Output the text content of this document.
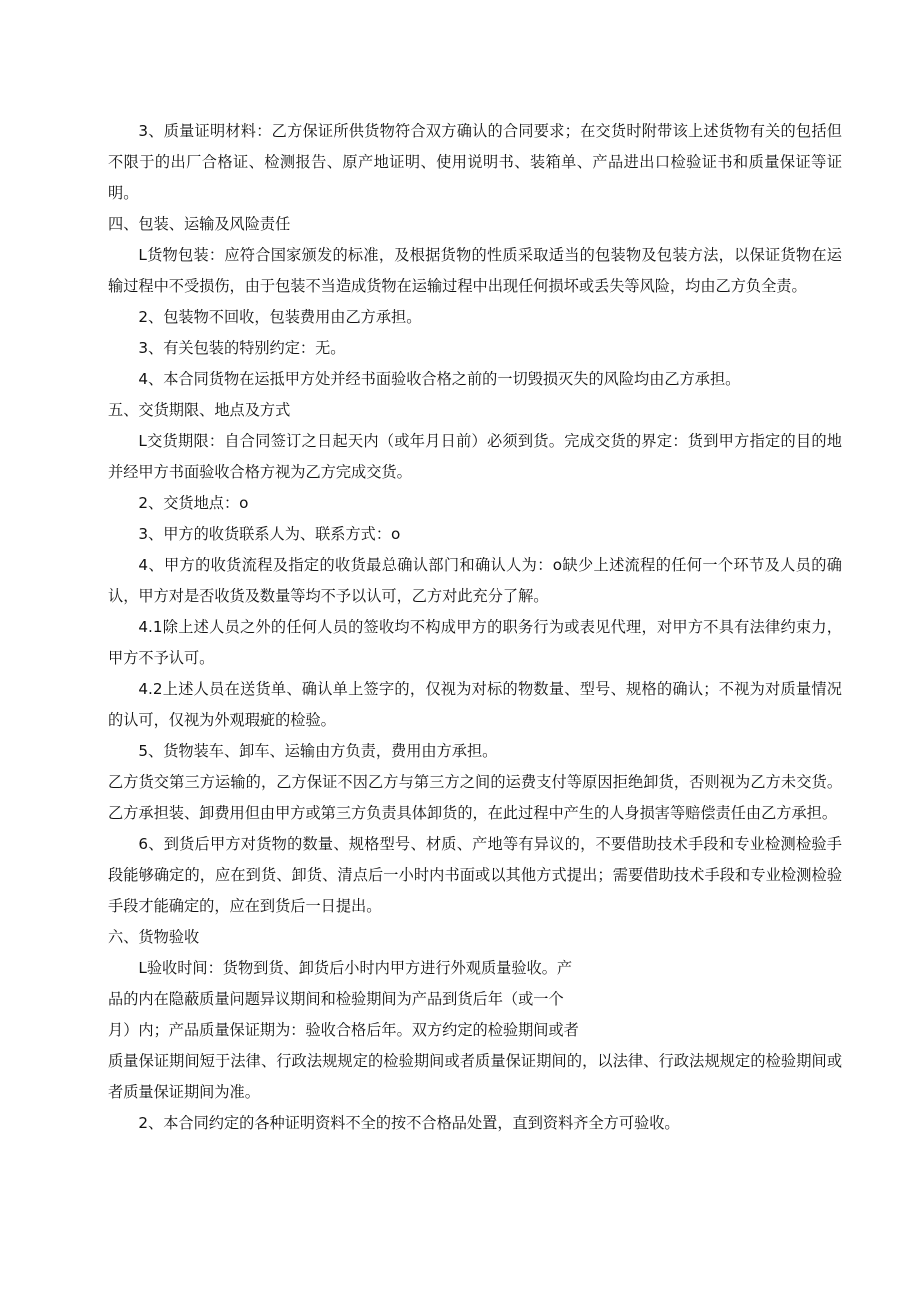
3、质量证明材料：乙方保证所供货物符合双方确认的合同要求；在交货时附带该上述货物有关的包括但不限于的出厂合格证、检测报告、原产地证明、使用说明书、装箱单、产品进出口检验证书和质量保证等证明。

四、包装、运输及风险责任

L货物包装：应符合国家颁发的标准，及根据货物的性质采取适当的包装物及包装方法，以保证货物在运输过程中不受损伤，由于包装不当造成货物在运输过程中出现任何损坏或丢失等风险，均由乙方负全责。

2、包装物不回收，包装费用由乙方承担。

3、有关包装的特别约定：无。

4、本合同货物在运抵甲方处并经书面验收合格之前的一切毁损灭失的风险均由乙方承担。

五、交货期限、地点及方式

L交货期限：自合同签订之日起天内（或年月日前）必须到货。完成交货的界定：货到甲方指定的目的地并经甲方书面验收合格方视为乙方完成交货。

2、交货地点：o

3、甲方的收货联系人为、联系方式：o

4、甲方的收货流程及指定的收货最总确认部门和确认人为：o缺少上述流程的任何一个环节及人员的确认，甲方对是否收货及数量等均不予以认可，乙方对此充分了解。

4.1除上述人员之外的任何人员的签收均不构成甲方的职务行为或表见代理，对甲方不具有法律约束力，甲方不予认可。

4.2上述人员在送货单、确认单上签字的，仅视为对标的物数量、型号、规格的确认；不视为对质量情况的认可，仅视为外观瑕疵的检验。

5、货物装车、卸车、运输由方负责，费用由方承担。

乙方货交第三方运输的，乙方保证不因乙方与第三方之间的运费支付等原因拒绝卸货，否则视为乙方未交货。乙方承担装、卸费用但由甲方或第三方负责具体卸货的，在此过程中产生的人身损害等赔偿责任由乙方承担。

6、到货后甲方对货物的数量、规格型号、材质、产地等有异议的，不要借助技术手段和专业检测检验手段能够确定的，应在到货、卸货、清点后一小时内书面或以其他方式提出；需要借助技术手段和专业检测检验手段才能确定的，应在到货后一日提出。

六、货物验收

L验收时间：货物到货、卸货后小时内甲方进行外观质量验收。产

品的内在隐蔽质量问题异议期间和检验期间为产品到货后年（或一个

月）内；产品质量保证期为：验收合格后年。双方约定的检验期间或者

质量保证期间短于法律、行政法规规定的检验期间或者质量保证期间的，以法律、行政法规规定的检验期间或者质量保证期间为准。

2、本合同约定的各种证明资料不全的按不合格品处置，直到资料齐全方可验收。
